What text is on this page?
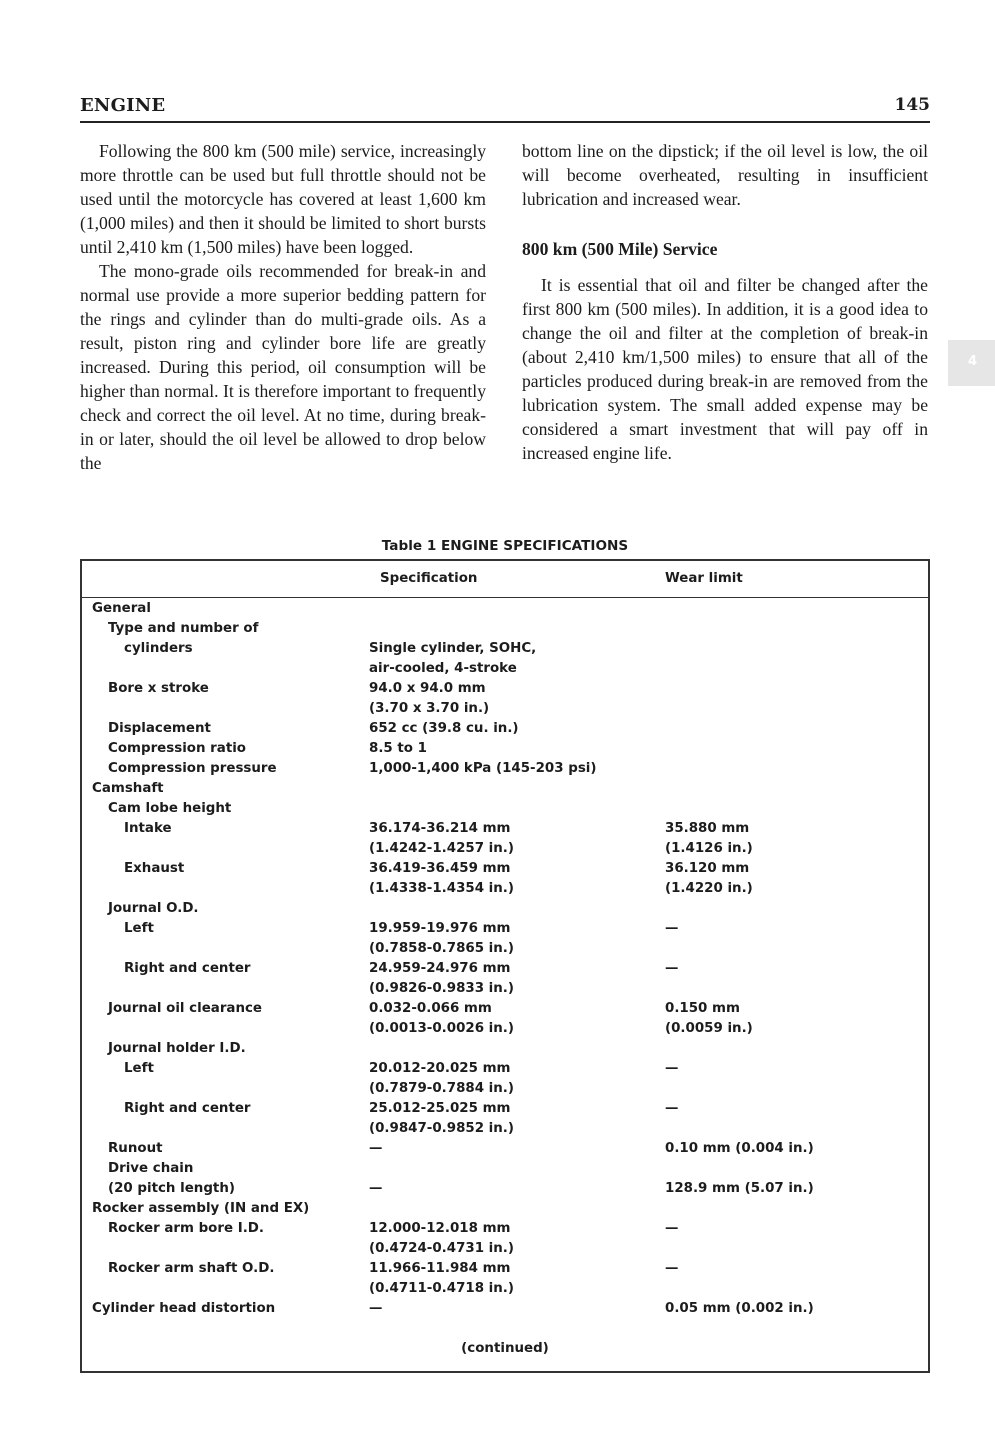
ENGINE	145

Following the 800 km (500 mile) service, increasingly more throttle can be used but full throttle should not be used until the motorcycle has covered at least 1,600 km (1,000 miles) and then it should be limited to short bursts until 2,410 km (1,500 miles) have been logged.

The mono-grade oils recommended for break-in and normal use provide a more superior bedding pattern for the rings and cylinder than do multi-grade oils. As a result, piston ring and cylinder bore life are greatly increased. During this period, oil consumption will be higher than normal. It is therefore important to frequently check and correct the oil level. At no time, during break-in or later, should the oil level be allowed to drop below the

bottom line on the dipstick; if the oil level is low, the oil will become overheated, resulting in insufficient lubrication and increased wear.

800 km (500 Mile) Service

It is essential that oil and filter be changed after the first 800 km (500 miles). In addition, it is a good idea to change the oil and filter at the completion of break-in (about 2,410 km/1,500 miles) to ensure that all of the particles produced during break-in are removed from the lubrication system. The small added expense may be considered a smart investment that will pay off in increased engine life.

4
Table 1 ENGINE SPECIFICATIONS
Specification	Wear limit
General
Type and number of
cylinders	Single cylinder, SOHC,
air-cooled, 4-stroke
Bore x stroke	94.0 x 94.0 mm
(3.70 x 3.70 in.)
Displacement	652 cc (39.8 cu. in.)
Compression ratio	8.5 to 1
Compression pressure	1,000-1,400 kPa (145-203 psi)
Camshaft
Cam lobe height
Intake	36.174-36.214 mm	35.880 mm
(1.4242-1.4257 in.)	(1.4126 in.)
Exhaust	36.419-36.459 mm	36.120 mm
(1.4338-1.4354 in.)	(1.4220 in.)
Journal O.D.
Left	19.959-19.976 mm	—
(0.7858-0.7865 in.)
Right and center	24.959-24.976 mm	—
(0.9826-0.9833 in.)
Journal oil clearance	0.032-0.066 mm	0.150 mm
(0.0013-0.0026 in.)	(0.0059 in.)
Journal holder I.D.
Left	20.012-20.025 mm	—
(0.7879-0.7884 in.)
Right and center	25.012-25.025 mm	—
(0.9847-0.9852 in.)
Runout	—	0.10 mm (0.004 in.)
Drive chain
(20 pitch length)	—	128.9 mm (5.07 in.)
Rocker assembly (IN and EX)
Rocker arm bore I.D.	12.000-12.018 mm	—
(0.4724-0.4731 in.)
Rocker arm shaft O.D.	11.966-11.984 mm	—
(0.4711-0.4718 in.)
Cylinder head distortion	—	0.05 mm (0.002 in.)
(continued)
